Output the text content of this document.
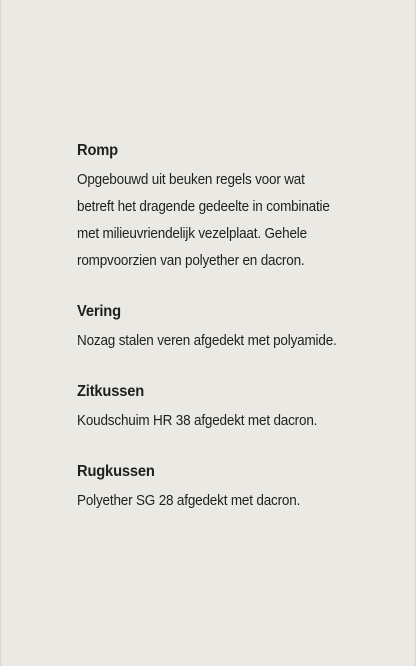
Romp

Opgebouwd uit beuken regels voor wat
betreft het dragende gedeelte in combinatie
met milieuvriendelijk vezelplaat. Gehele
rompvoorzien van polyether en dacron.

Vering

Nozag stalen veren afgedekt met polyamide.

Zitkussen

Koudschuim HR 38 afgedekt met dacron.

Rugkussen

Polyether SG 28 afgedekt met dacron.
